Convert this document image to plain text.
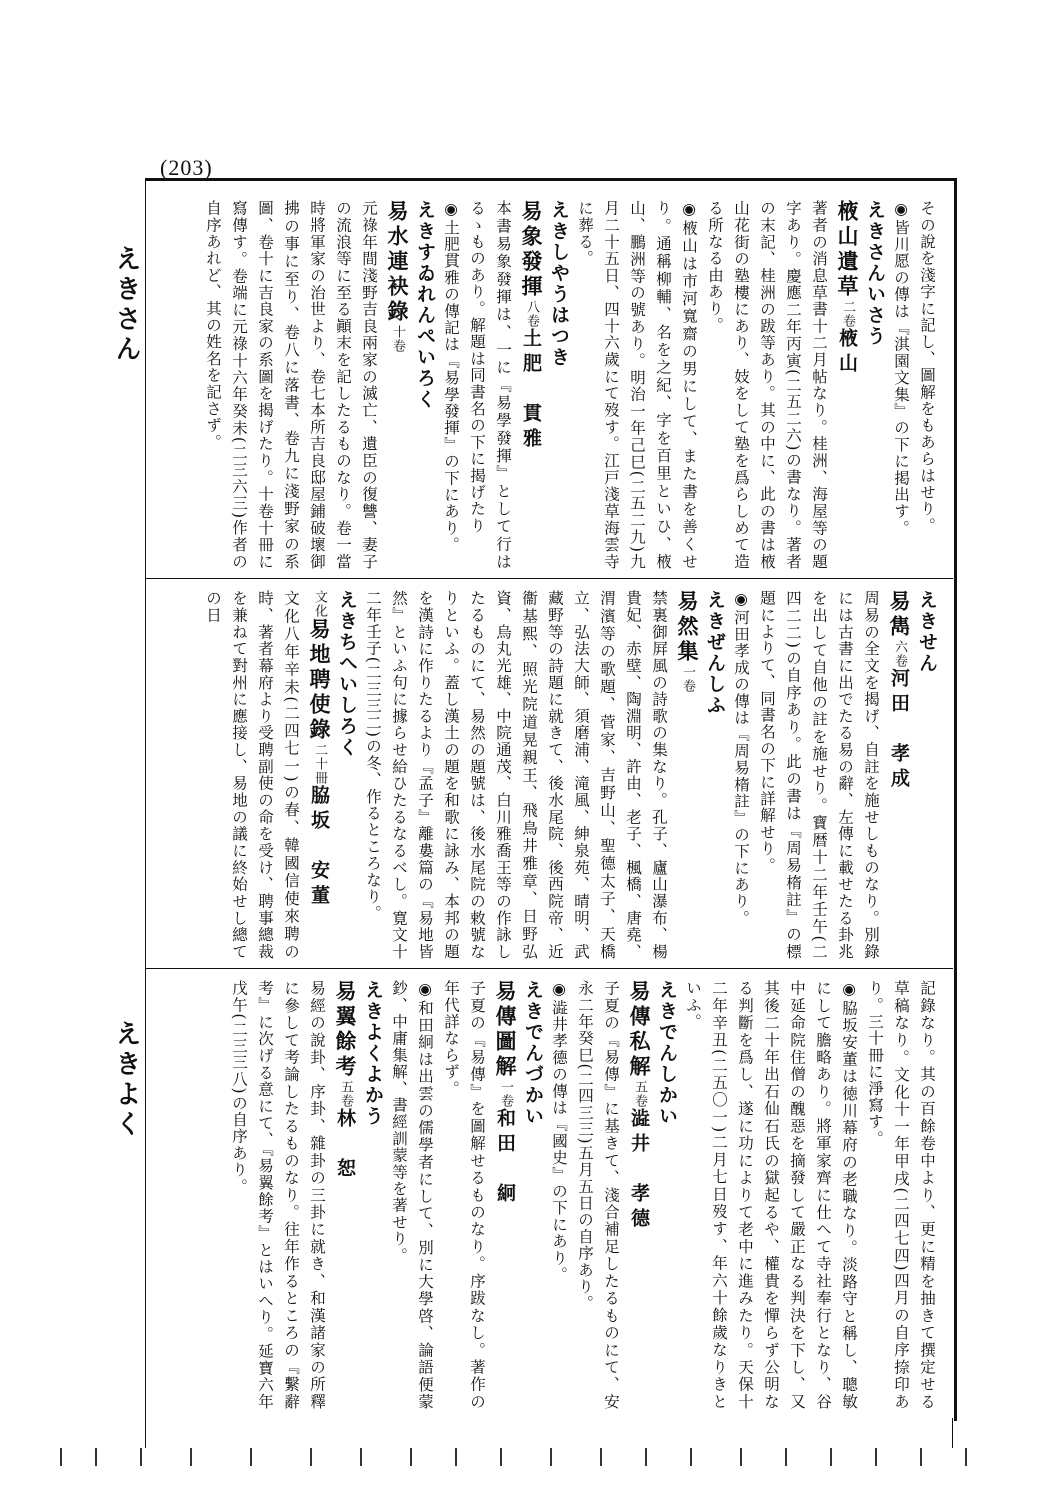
(203)
えきさん
えきよく

その說を淺字に記し、圖解をもあらはせり。

◉皆川愿の傳は『淇園文集』の下に掲出す。

えきさんいさう

棭山遺草二卷棭山

著者の消息草書十二月帖なり。桂洲、海屋等の題字あり。慶應二年丙寅(二五二六)の書なり。著者の末記、桂洲の跋等あり。其の中に、此の書は棭山花街の塾樓にあり、妓をして塾を爲らしめて造る所なる由あり。

◉棭山は市河寬齋の男にして、また書を善くせり。通稱柳輔、名を之紀、字を百里といひ、棭山、鵬洲等の號あり。明治一年己巳(二五二九)九月二十五日、四十六歲にて歿す。江戸淺草海雲寺に葬る。

えきしやうはつき

易象發揮八卷土肥　貫雅

本書易象發揮は、一に『易學發揮』として行はるゝものあり。解題は同書名の下に揭げたり

◉土肥貫雅の傳記は『易學發揮』の下にあり。

えきすゐれんぺいろく

易水連袂錄十卷

元祿年間淺野吉良兩家の滅亡、遺臣の復讐、妻子の流浪等に至る顚末を記したるものなり。卷一當時將軍家の治世より、卷七本所吉良邸屋鋪破壞御拂の事に至り、卷八に落書、卷九に淺野家の系圖、卷十に吉良家の系圖を揭げたり。十卷十冊に寫傳す。卷端に元祿十六年癸未(二三六三)作者の自序あれど、其の姓名を記さず。

えきせん

易雋六卷河田　孝成

周易の全文を揭げ、自註を施せしものなり。別錄には古書に出でたる易の辭、左傳に載せたる卦兆を出して自他の註を施せり。寶暦十二年壬午(二四二二)の自序あり。此の書は『周易楕註』の標題によりて、同書名の下に詳解せり。

◉河田孝成の傳は『周易楕註』の下にあり。

えきぜんしふ

易然集一卷

禁裏御屛風の詩歌の集なり。孔子、廬山瀑布、楊貴妃、赤壁、陶淵明、許由、老子、楓橋、唐堯、渭濱等の歌題、菅家、吉野山、聖德太子、天橋立、弘法大師、須磨浦、滝風、紳泉苑、晴明、武藏野等の詩題に就きて、後水尾院、後西院帝、近衞基熙、照光院道晃親王、飛鳥井雅章、日野弘資、烏丸光雄、中院通茂、白川雅喬王等の作詠したるものにて、易然の題號は、後水尾院の敕號なりといふ。蓋し漢土の題を和歌に詠み、本邦の題を漢詩に作りたるより『孟子』離婁篇の『易地皆然』といふ句に據らせ給ひたるなるべし。寛文十二年壬子(二三三二)の冬、作るところなり。

えきちへいしろく

文化易地聘使錄二十冊脇坂　安董

文化八年辛未(二四七一)の春、韓國信使來聘の時、著者幕府より受聘副使の命を受け、聘事總裁を兼ねて對州に應接し、易地の議に終始せし總ての日

記錄なり。其の百餘卷中より、更に精を抽きて撰定せる草稿なり。文化十一年甲戌(二四七四)四月の自序捺印あり。三十冊に淨寫す。

◉脇坂安董は徳川幕府の老職なり。淡路守と稱し、聰敏にして膽略あり。將軍家齊に仕へて寺社奉行となり、谷中延命院住僧の醜惡を摘發して嚴正なる判決を下し、又其後二十年出石仙石氏の獄起るや、權貴を憚らず公明なる判斷を爲し、遂に功によりて老中に進みたり。天保十二年辛丑(二五〇一)二月七日歿す、年六十餘歲なりきといふ。

えきでんしかい

易傳私解五卷澁井　孝德

子夏の『易傳』に基きて、淺合補足したるものにて、安永二年癸巳(二四三三)五月五日の自序あり。

◉澁井孝德の傳は『國史』の下にあり。

えきでんづかい

易傳圖解一卷和田　絅

子夏の『易傳』を圖解せるものなり。序跋なし。著作の年代詳ならず。

◉和田絅は出雲の儒學者にして、別に大學啓、論語便蒙鈔、中庸集解、書經訓蒙等を著せり。

えきよくよかう

易翼餘考五卷林　恕

易經の說卦、序卦、雜卦の三卦に就き、和漢諸家の所釋に參して考論したるものなり。往年作るところの『繫辭考』に次げる意にて、『易翼餘考』とはいへり。延寶六年戊午(二三三八)の自序あり。
